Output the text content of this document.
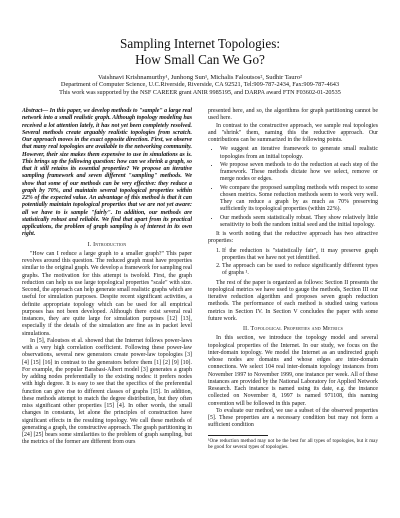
Sampling Internet Topologies:
How Small Can We Go?
Vaishnavi Krishnamurthy¹, Junhong Sun¹, Michalis Faloutsos², Sudhir Tauro²
Department of Computer Science, U.C.Riverside, Riverside, CA 92521, Tel:909-787-2434, Fax:909-787-4643
This work was supported by the NSF CAREER grant ANIR 9985195, and DARPA award FTN F03602-01-20535

Abstract— In this paper, we develop methods to "sample" a large real network into a small realistic graph. Although topology modeling has received a lot attention lately, it has not yet been completely resolved. Several methods create arguably realistic topologies from scratch. Our approach moves in the exact opposite direction. First, we observe that many real topologies are available to the networking community. However, their size makes them expensive to use in simulations as is. This brings up the following question: how can we shrink a graph, so that it still retains its essential properties? We propose an iterative sampling framework and seven different "sampling" methods. We show that some of our methods can be very effective: they reduce a graph by 70%, and maintain several topological properties within 22% of the expected value. An advantage of this method is that it can potentially maintain topological properties that we are not yet aware: all we have to is sample "fairly". In addition, our methods are statistically robust and reliable. We find that apart from its practical applications, the problem of graph sampling is of interest in its own right.

I. Introduction

"How can I reduce a large graph to a smaller graph?" This paper revolves around this question. The reduced graph must have properties similar to the original graph. We develop a framework for sampling real graphs. The motivation for this attempt is twofold. First, the graph reduction can help us use large topological properties "scale" with size. Second, the approach can help generate small realistic graphs which are useful for simulation purposes. Despite recent significant activities, a definite appropriate topology which can be used for all empirical purposes has not been developed. Although there exist several real instances, they are quite large for simulation purposes [12] [13], especially if the details of the simulation are fine as in packet level simulations.

In [5], Faloutsos et al. showed that the Internet follows power-laws with a very high correlation coefficient. Following these power-law observations, several new generators create power-law topologies [3] [4] [15] [16] in contrast to the generators before them [1] [2] [9] [10]. For example, the popular Barabasi-Albert model [3] generates a graph by adding nodes preferentially to the existing nodes: it prefers nodes with high degree. It is easy to see that the specifics of the preferential function can give rise to different classes of graphs [15]. In addition, these methods attempt to match the degree distribution, but they often miss significant other properties [15] [4]. In other words, the small changes in constants, let alone the principles of construction have significant effects in the resulting topology. We call these methods of generating a graph, the constructive approach. The graph partitioning in [24] [25] bears some similarities to the problem of graph sampling, but the metrics of the former are different from ours

presented here, and so, the algorithms for graph partitioning cannot be used here.

In contrast to the constructive approach, we sample real topologies and "shrink" them, naming this the reductive approach. Our contributions can be summarized in the following points.

• We suggest an iterative framework to generate small realistic topologies from an initial topology.
• We propose seven methods to do the reduction at each step of the framework. These methods dictate how we select, remove or merge nodes or edges.
• We compare the proposed sampling methods with respect to some chosen metrics. Some reduction methods seem to work very well. They can reduce a graph by as much as 70% preserving sufficiently its topological properties (within 22%).
• Our methods seem statistically robust. They show relatively little sensitivity to both the random initial seed and the initial topology.

It is worth noting that the reductive approach has two attractive properties:

1. If the reduction is "statistically fair", it may preserve graph properties that we have not yet identified.
2. The approach can be used to reduce significantly different types of graphs ¹.

The rest of the paper is organized as follows: Section II presents the topological metrics we have used to gauge the methods, Section III our iterative reduction algorithm and proposes seven graph reduction methods. The performance of each method is studied using various metrics in Section IV. In Section V concludes the paper with some future work.

II. Topological Properties and Metrics

In this section, we introduce the topology model and several topological properties of the Internet. In our study, we focus on the inter-domain topology. We model the Internet as an undirected graph whose nodes are domains and whose edges are inter-domain connections. We select 104 real inter-domain topology instances from November 1997 to November 1999, one instance per week. All of these instances are provided by the National Laboratory for Applied Network Research. Each instance is named using its date, e.g. the instance collected on November 8, 1997 is named 971108, this naming convention will be followed in this paper.

To evaluate our method, we use a subset of the observed properties [5]. These properties are a necessary condition but may not form a sufficient condition

¹One reduction method may not be the best for all types of topologies, but it may be good for several types of topologies.
